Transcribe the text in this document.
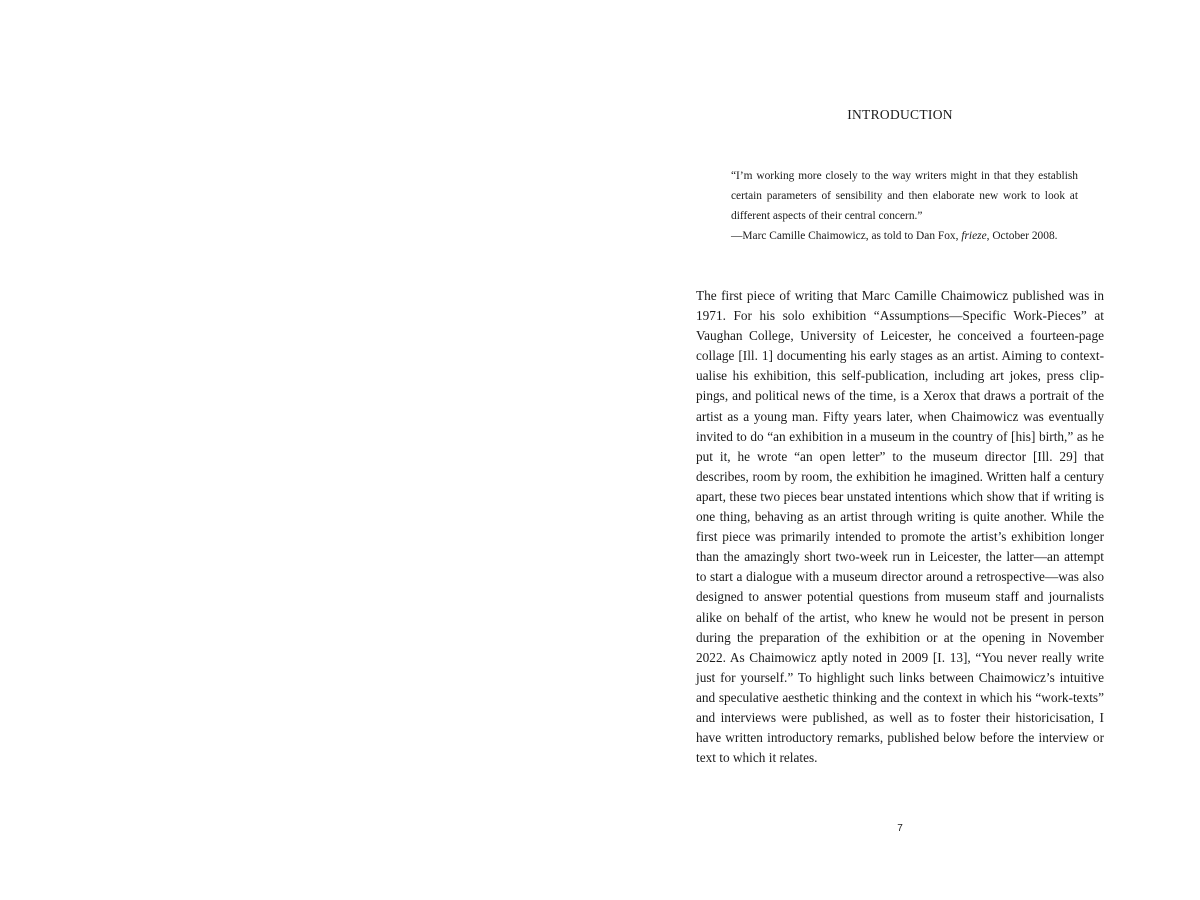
INTRODUCTION

“I’m working more closely to the way writers might in that they establish certain parameters of sensibility and then elaborate new work to look at different aspects of their central concern.”

—Marc Camille Chaimowicz, as told to Dan Fox, frieze, October 2008.

The first piece of writing that Marc Camille Chaimowicz published was in 1971. For his solo exhibition “Assumptions—Specific Work-Pieces” at Vaughan College, University of Leicester, he conceived a fourteen-page collage [Ill. 1] documenting his early stages as an artist. Aiming to contextualise his exhibition, this self-publication, including art jokes, press clippings, and political news of the time, is a Xerox that draws a portrait of the artist as a young man. Fifty years later, when Chaimowicz was eventually invited to do “an exhibition in a museum in the country of [his] birth,” as he put it, he wrote “an open letter” to the museum director [Ill. 29] that describes, room by room, the exhibition he imagined. Written half a century apart, these two pieces bear unstated intentions which show that if writing is one thing, behaving as an artist through writing is quite another. While the first piece was primarily intended to promote the artist’s exhibition longer than the amazingly short two-week run in Leicester, the latter—an attempt to start a dialogue with a museum director around a retrospective—was also designed to answer potential questions from museum staff and journalists alike on behalf of the artist, who knew he would not be present in person during the preparation of the exhibition or at the opening in November 2022. As Chaimowicz aptly noted in 2009 [I. 13], “You never really write just for yourself.” To highlight such links between Chaimowicz’s intuitive and speculative aesthetic thinking and the context in which his “work-texts” and interviews were published, as well as to foster their historicisation, I have written introductory remarks, published below before the interview or text to which it relates.

7
